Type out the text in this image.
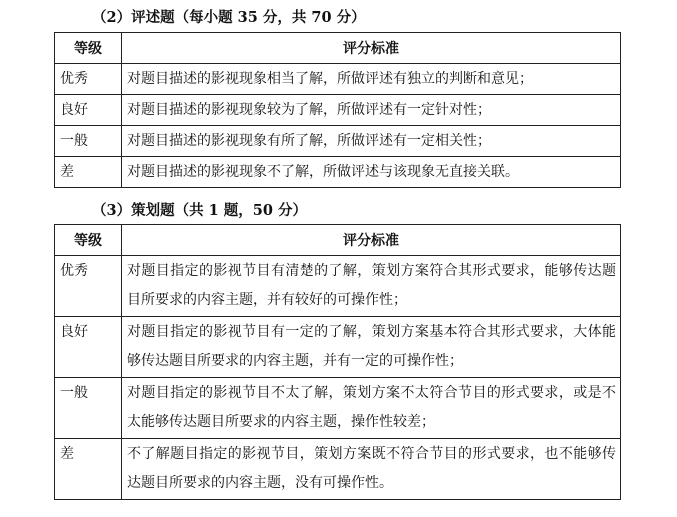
（2）评述题（每小题 35 分，共 70 分）
等级	评分标准
优秀	对题目描述的影视现象相当了解，所做评述有独立的判断和意见；
良好	对题目描述的影视现象较为了解，所做评述有一定针对性；
一般	对题目描述的影视现象有所了解，所做评述有一定相关性；
差	对题目描述的影视现象不了解，所做评述与该现象无直接关联。
（3）策划题（共 1 题，50 分）
等级	评分标准
优秀	对题目指定的影视节目有清楚的了解，策划方案符合其形式要求，能够传达题目所要求的内容主题，并有较好的可操作性；
良好	对题目指定的影视节目有一定的了解，策划方案基本符合其形式要求，大体能够传达题目所要求的内容主题，并有一定的可操作性；
一般	对题目指定的影视节目不太了解，策划方案不太符合节目的形式要求，或是不太能够传达题目所要求的内容主题，操作性较差；
差	不了解题目指定的影视节目，策划方案既不符合节目的形式要求，也不能够传达题目所要求的内容主题，没有可操作性。
